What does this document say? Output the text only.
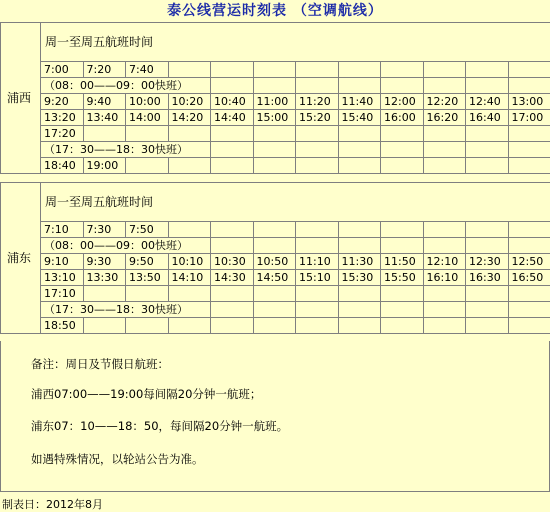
泰公线营运时刻表 （空调航线）
浦西	周一至周五航班时间											
	7:00	7:20	7:40									
	（08：00——09：00快班）											
	9:20	9:40	10:00	10:20	10:40	11:00	11:20	11:40	12:00	12:20	12:40	13:00
	13:20	13:40	14:00	14:20	14:40	15:00	15:20	15:40	16:00	16:20	16:40	17:00
	17:20											
	（17：30——18：30快班）											
	18:40	19:00										
浦东	周一至周五航班时间											
	7:10	7:30	7:50									
	（08：00——09：00快班）											
	9:10	9:30	9:50	10:10	10:30	10:50	11:10	11:30	11:50	12:10	12:30	12:50
	13:10	13:30	13:50	14:10	14:30	14:50	15:10	15:30	15:50	16:10	16:30	16:50
	17:10											
	（17：30——18：30快班）											
	18:50											
备注：周日及节假日航班：
浦西07:00——19:00每间隔20分钟一航班；
浦东07：10——18：50，每间隔20分钟一航班。
如遇特殊情况，以轮站公告为准。
制表日：2012年8月
